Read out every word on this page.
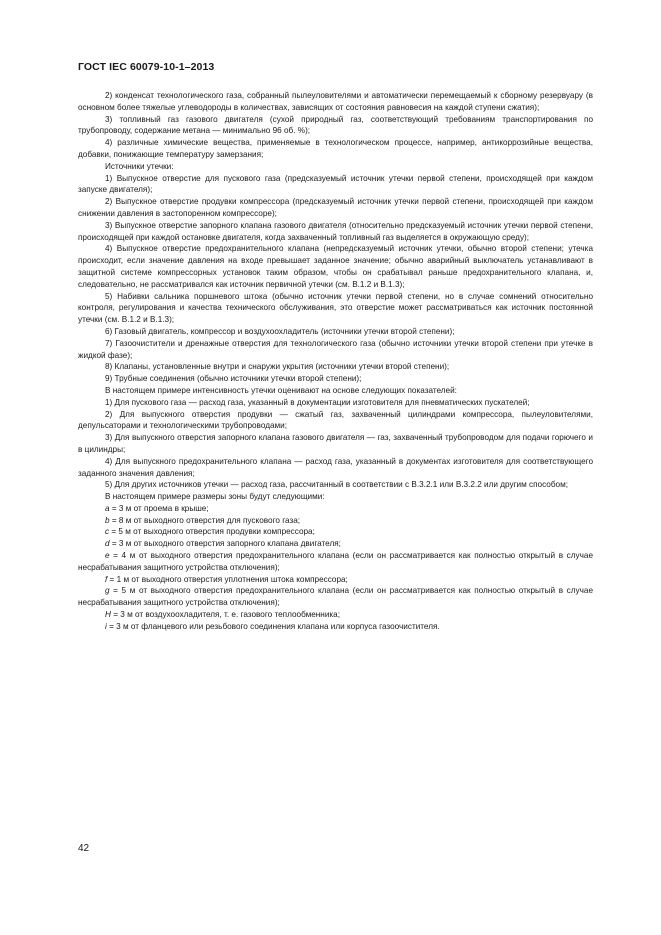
ГОСТ IEC 60079-10-1–2013

2) конденсат технологического газа, собранный пылеуловителями и автоматически перемещаемый к сборному резервуару (в основном более тяжелые углеводороды в количествах, зависящих от состояния равновесия на каждой ступени сжатия);

3) топливный газ газового двигателя (сухой природный газ, соответствующий требованиям транспортирования по трубопроводу, содержание метана — минимально 96 об. %);

4) различные химические вещества, применяемые в технологическом процессе, например, антикоррозийные вещества, добавки, понижающие температуру замерзания;

Источники утечки:

1) Выпускное отверстие для пускового газа (предсказуемый источник утечки первой степени, происходящей при каждом запуске двигателя);

2) Выпускное отверстие продувки компрессора (предсказуемый источник утечки первой степени, происходящей при каждом снижении давления в застопоренном компрессоре);

3) Выпускное отверстие запорного клапана газового двигателя (относительно предсказуемый источник утечки первой степени, происходящей при каждой остановке двигателя, когда захваченный топливный газ выделяется в окружающую среду);

4) Выпускное отверстие предохранительного клапана (непредсказуемый источник утечки, обычно второй степени; утечка происходит, если значение давления на входе превышает заданное значение; обычно аварийный выключатель устанавливают в защитной системе компрессорных установок таким образом, чтобы он срабатывал раньше предохранительного клапана, и, следовательно, не рассматривался как источник первичной утечки (см. B.1.2 и B.1.3);

5) Набивки сальника поршневого штока (обычно источник утечки первой степени, но в случае сомнений относительно контроля, регулирования и качества технического обслуживания, это отверстие может рассматриваться как источник постоянной утечки (см. B.1.2 и B.1.3);

6) Газовый двигатель, компрессор и воздухоохладитель (источники утечки второй степени);

7) Газоочистители и дренажные отверстия для технологического газа (обычно источники утечки второй степени при утечке в жидкой фазе);

8) Клапаны, установленные внутри и снаружи укрытия (источники утечки второй степени);

9) Трубные соединения (обычно источники утечки второй степени);

В настоящем примере интенсивность утечки оценивают на основе следующих показателей:

1) Для пускового газа — расход газа, указанный в документации изготовителя для пневматических пускателей;

2) Для выпускного отверстия продувки — сжатый газ, захваченный цилиндрами компрессора, пылеуловителями, депульсаторами и технологическими трубопроводами;

3) Для выпускного отверстия запорного клапана газового двигателя — газ, захваченный трубопроводом для подачи горючего и в цилиндры;

4) Для выпускного предохранительного клапана — расход газа, указанный в документах изготовителя для соответствующего заданного значения давления;

5) Для других источников утечки — расход газа, рассчитанный в соответствии с B.3.2.1 или B.3.2.2 или другим способом;

В настоящем примере размеры зоны будут следующими:

a = 3 м от проема в крыше;

b = 8 м от выходного отверстия для пускового газа;

c = 5 м от выходного отверстия продувки компрессора;

d = 3 м от выходного отверстия запорного клапана двигателя;

e = 4 м от выходного отверстия предохранительного клапана (если он рассматривается как полностью открытый в случае несрабатывания защитного устройства отключения);

f = 1 м от выходного отверстия уплотнения штока компрессора;

g = 5 м от выходного отверстия предохранительного клапана (если он рассматривается как полностью открытый в случае несрабатывания защитного устройства отключения);

H = 3 м от воздухоохладителя, т. е. газового теплообменника;

i = 3 м от фланцевого или резьбового соединения клапана или корпуса газоочистителя.

42
